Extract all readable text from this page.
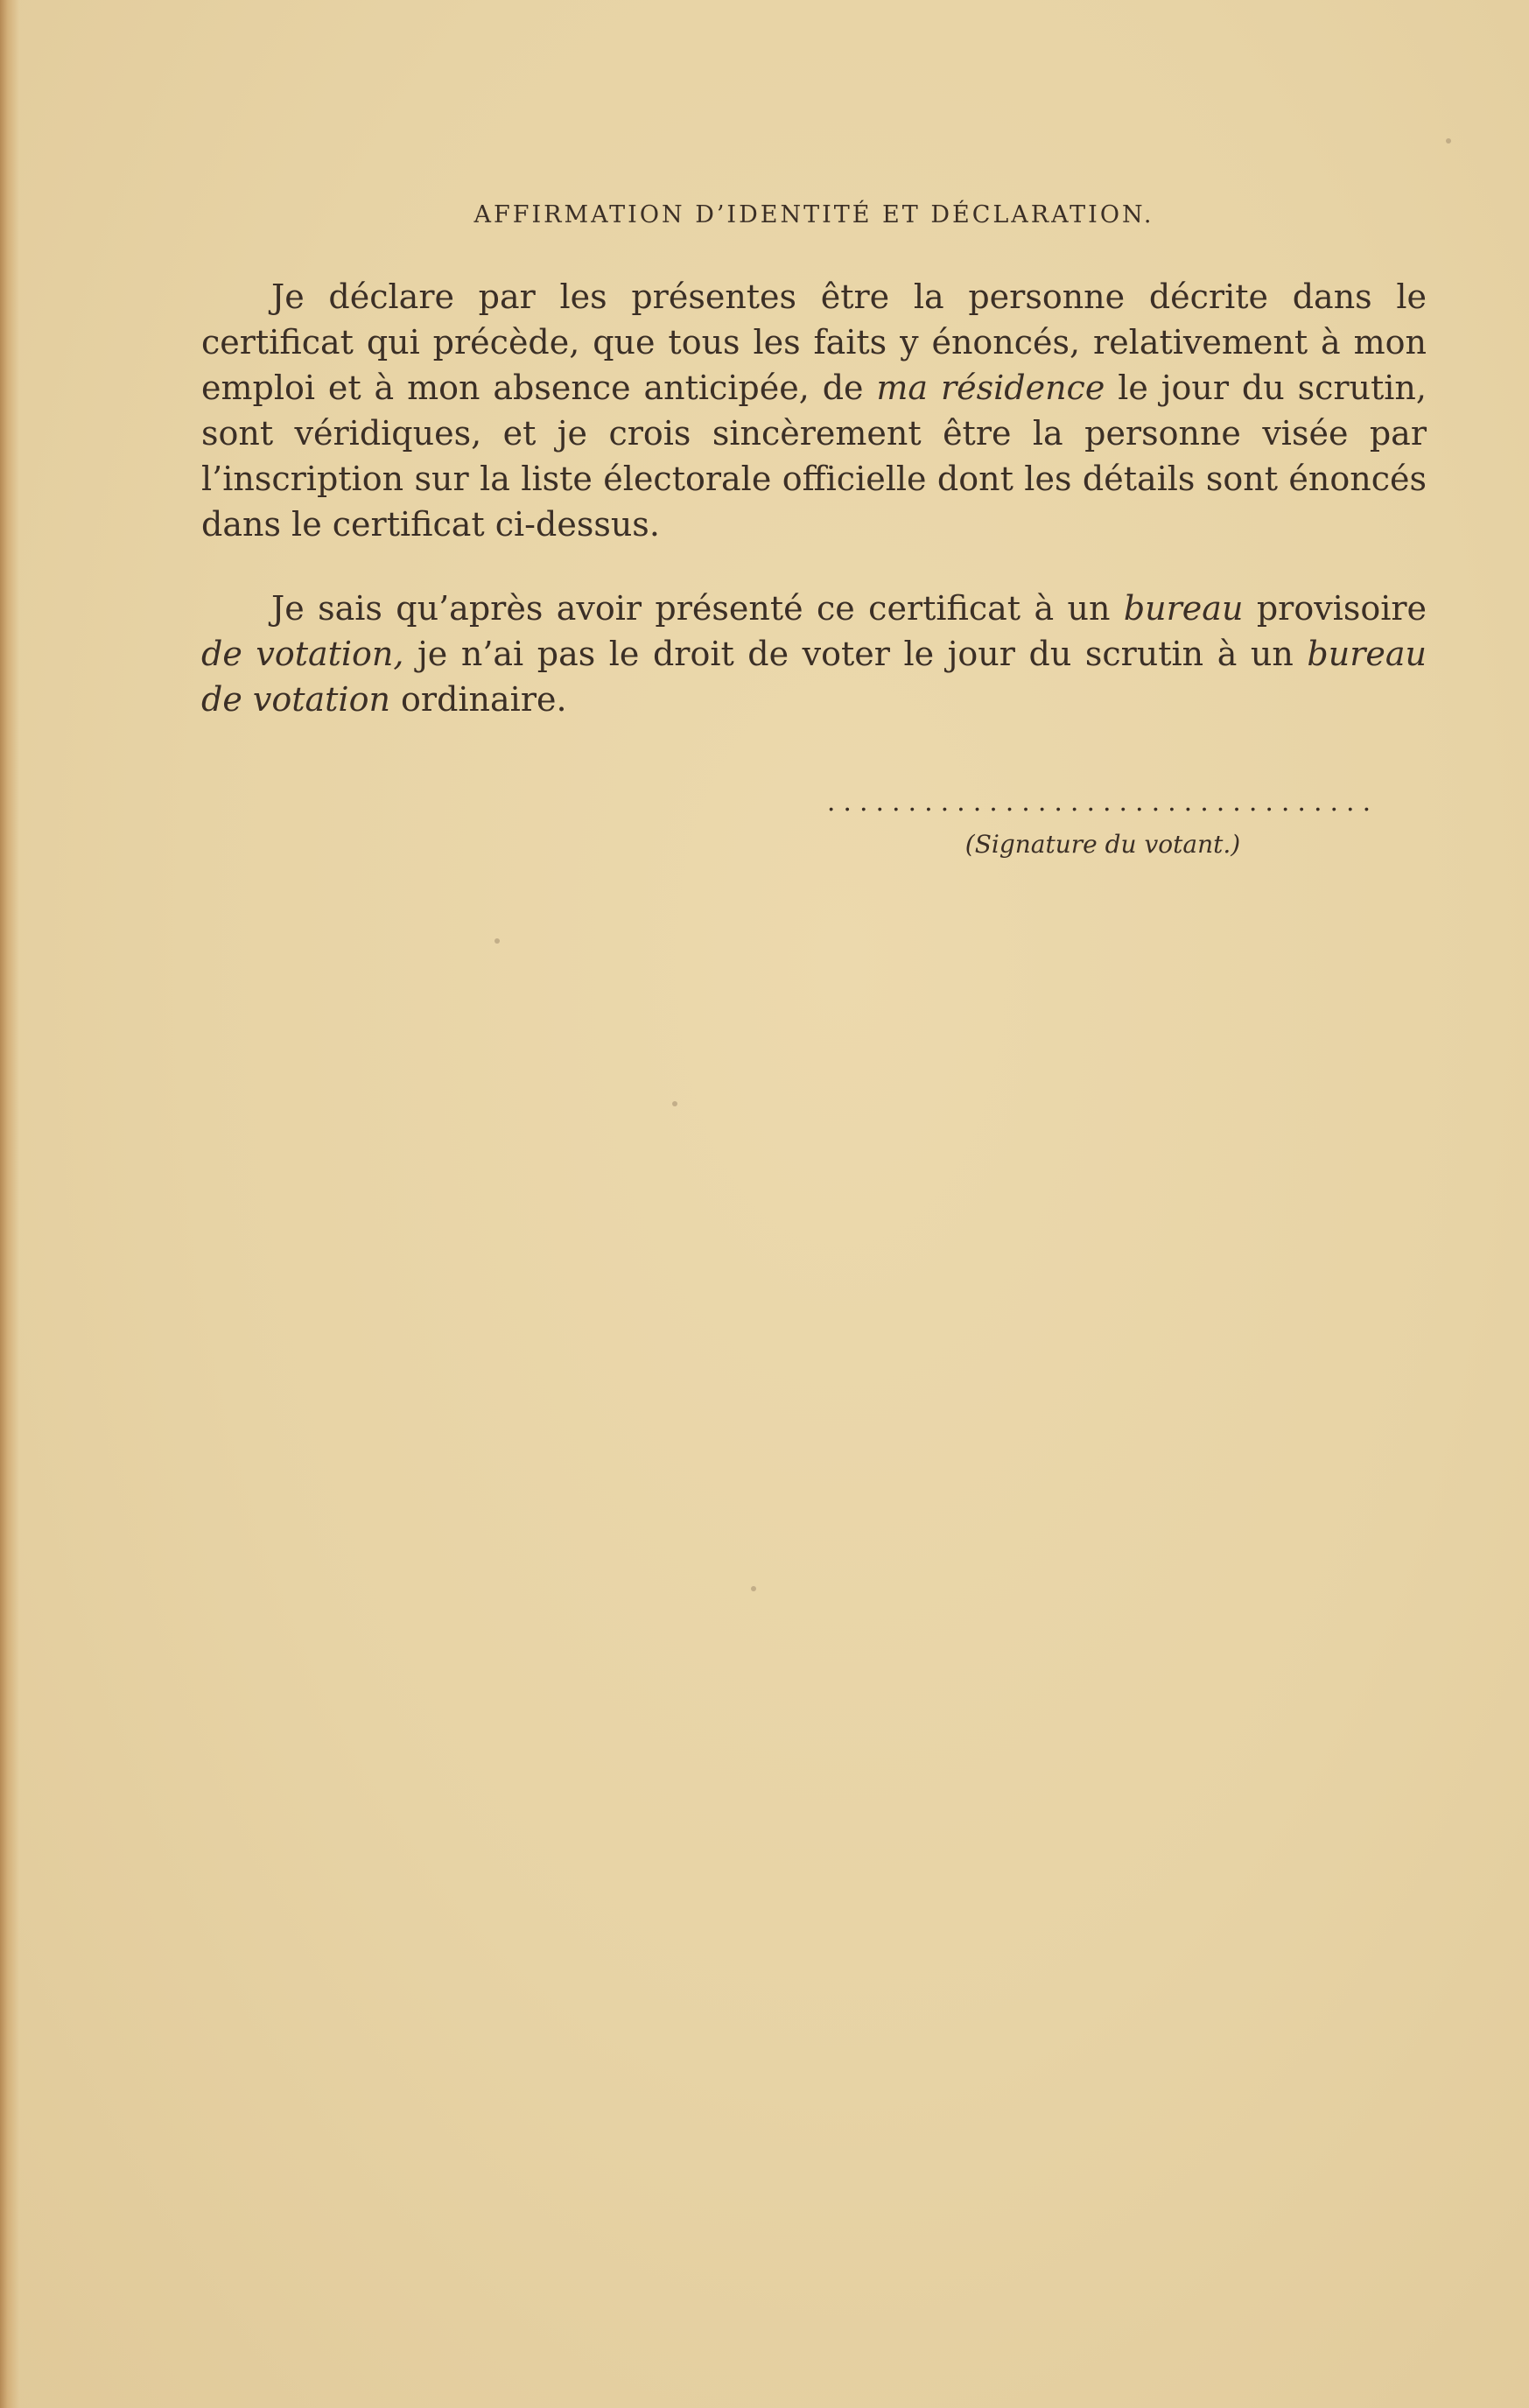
AFFIRMATION D’IDENTITÉ ET DÉCLARATION.

Je déclare par les présentes être la personne décrite dans le certificat qui précède, que tous les faits y énoncés, relativement à mon emploi et à mon absence anticipée, de ma résidence le jour du scrutin, sont véridiques, et je crois sincèrement être la personne visée par l’inscription sur la liste électorale officielle dont les détails sont énoncés dans le certificat ci-dessus.

Je sais qu’après avoir présenté ce certificat à un bureau provisoire de votation, je n’ai pas le droit de voter le jour du scrutin à un bureau de votation ordinaire.

..................................
(Signature du votant.)
